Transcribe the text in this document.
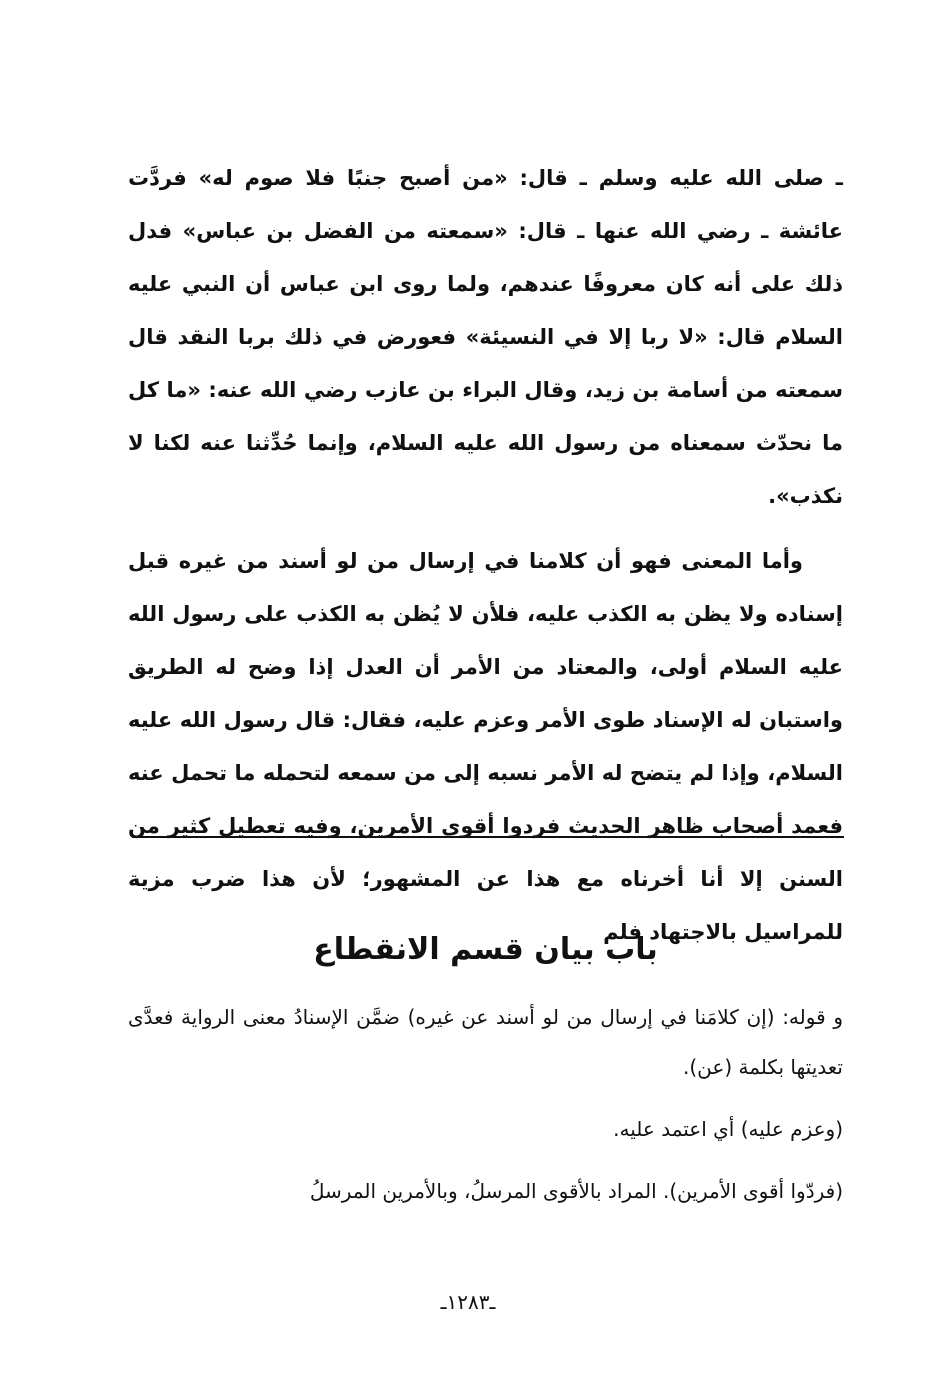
ـ صلى الله عليه وسلم ـ قال: «من أصبح جنبًا فلا صوم له» فردَّت عائشة ـ رضي الله عنها ـ قال: «سمعته من الفضل بن عباس» فدل ذلك على أنه كان معروفًا عندهم، ولما روى ابن عباس أن النبي عليه السلام قال: «لا ربا إلا في النسيئة» فعورض في ذلك بربا النقد قال سمعته من أسامة بن زيد، وقال البراء بن عازب رضي الله عنه: «ما كل ما نحدّث سمعناه من رسول الله عليه السلام، وإنما حُدِّثنا عنه لكنا لا نكذب».

وأما المعنى فهو أن كلامنا في إرسال من لو أسند من غيره قبل إسناده ولا يظن به الكذب عليه، فلأن لا يُظن به الكذب على رسول الله عليه السلام أولى، والمعتاد من الأمر أن العدل إذا وضح له الطريق واستبان له الإسناد طوى الأمر وعزم عليه، فقال: قال رسول الله عليه السلام، وإذا لم يتضح له الأمر نسبه إلى من سمعه لتحمله ما تحمل عنه فعمد أصحاب ظاهر الحديث فردوا أقوى الأمرين، وفيه تعطيل كثير من السنن إلا أنا أخرناه مع هذا عن المشهور؛ لأن هذا ضرب مزية للمراسيل بالاجتهاد فلم

باب بيان قسم الانقطاع

و قوله: (إن كلامَنا في إرسال من لو أسند عن غيره) ضمَّن الإسنادُ معنى الرواية فعدَّى تعديتها بكلمة (عن).

(وعزم عليه) أي اعتمد عليه.

(فردّوا أقوى الأمرين). المراد بالأقوى المرسلُ، وبالأمرين المرسلُ

ـ١٢٨٣ـ
